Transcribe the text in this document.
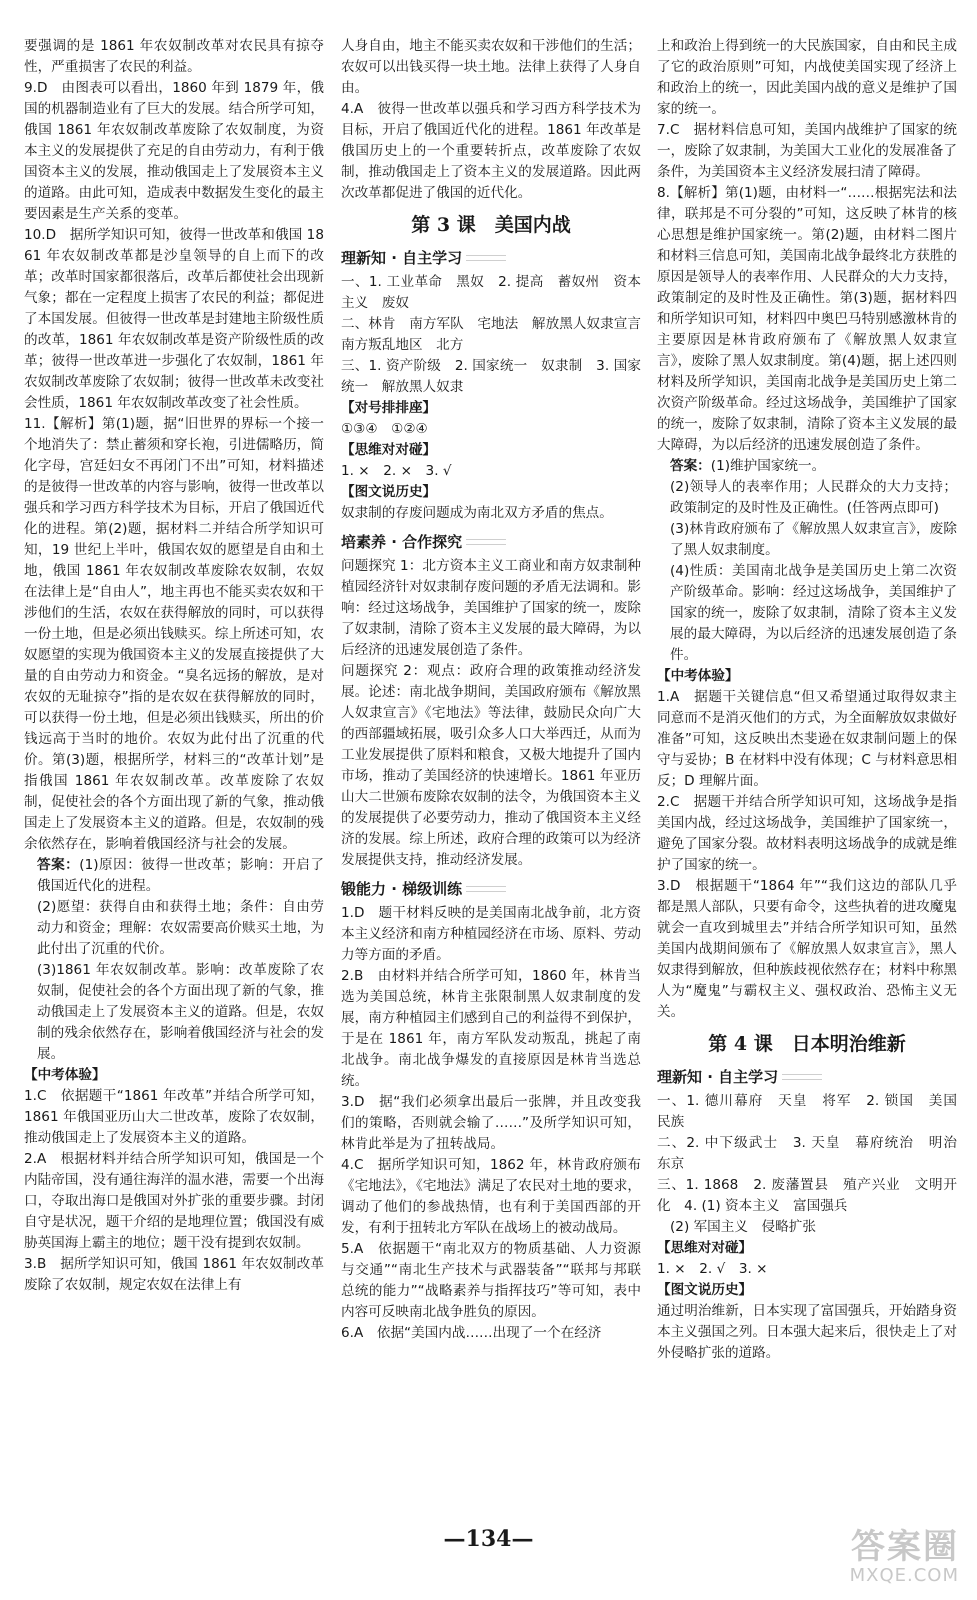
要强调的是 1861 年农奴制改革对农民具有掠夺性，严重损害了农民的利益。

9.D　由图表可以看出，1860 年到 1879 年，俄国的机器制造业有了巨大的发展。结合所学可知，俄国 1861 年农奴制改革废除了农奴制度，为资本主义的发展提供了充足的自由劳动力，有利于俄国资本主义的发展，推动俄国走上了发展资本主义的道路。由此可知，造成表中数据发生变化的最主要因素是生产关系的变革。

10.D　据所学知识可知，彼得一世改革和俄国 1861 年农奴制改革都是沙皇领导的自上而下的改革；改革时国家都很落后，改革后都使社会出现新气象；都在一定程度上损害了农民的利益；都促进了本国发展。但彼得一世改革是封建地主阶级性质的改革，1861 年农奴制改革是资产阶级性质的改革；彼得一世改革进一步强化了农奴制，1861 年农奴制改革废除了农奴制；彼得一世改革未改变社会性质，1861 年农奴制改革改变了社会性质。

11.【解析】第(1)题，据“旧世界的界标一个接一个地消失了：禁止蓄须和穿长袍，引进儒略历，简化字母，宫廷妇女不再闭门不出”可知，材料描述的是彼得一世改革的内容与影响，彼得一世改革以强兵和学习西方科学技术为目标，开启了俄国近代化的进程。第(2)题，据材料二并结合所学知识可知，19 世纪上半叶，俄国农奴的愿望是自由和土地，俄国 1861 年农奴制改革废除农奴制，农奴在法律上是“自由人”，地主再也不能买卖农奴和干涉他们的生活，农奴在获得解放的同时，可以获得一份土地，但是必须出钱赎买。综上所述可知，农奴愿望的实现为俄国资本主义的发展直接提供了大量的自由劳动力和资金。“臭名远扬的解放，是对农奴的无耻掠夺”指的是农奴在获得解放的同时，可以获得一份土地，但是必须出钱赎买，所出的价钱远高于当时的地价。农奴为此付出了沉重的代价。第(3)题，根据所学，材料三的“改革计划”是指俄国 1861 年农奴制改革。改革废除了农奴制，促使社会的各个方面出现了新的气象，推动俄国走上了发展资本主义的道路。但是，农奴制的残余依然存在，影响着俄国经济与社会的发展。

答案：(1)原因：彼得一世改革；影响：开启了俄国近代化的进程。

(2)愿望：获得自由和获得土地；条件：自由劳动力和资金；理解：农奴需要高价赎买土地，为此付出了沉重的代价。

(3)1861 年农奴制改革。影响：改革废除了农奴制，促使社会的各个方面出现了新的气象，推动俄国走上了发展资本主义的道路。但是，农奴制的残余依然存在，影响着俄国经济与社会的发展。

【中考体验】

1.C　依据题干“1861 年改革”并结合所学可知，1861 年俄国亚历山大二世改革，废除了农奴制，推动俄国走上了发展资本主义的道路。

2.A　根据材料并结合所学知识可知，俄国是一个内陆帝国，没有通往海洋的温水港，需要一个出海口，夺取出海口是俄国对外扩张的重要步骤。封闭自守是状况，题干介绍的是地理位置；俄国没有威胁英国海上霸主的地位；题干没有提到农奴制。

3.B　据所学知识可知，俄国 1861 年农奴制改革废除了农奴制，规定农奴在法律上有

人身自由，地主不能买卖农奴和干涉他们的生活；农奴可以出钱买得一块土地。法律上获得了人身自由。

4.A　彼得一世改革以强兵和学习西方科学技术为目标，开启了俄国近代化的进程。1861 年改革是俄国历史上的一个重要转折点，改革废除了农奴制，推动俄国走上了资本主义的发展道路。因此两次改革都促进了俄国的近代化。

第 3 课　美国内战
理新知 · 自主学习

一、1. 工业革命　黑奴　2. 提高　蓄奴州　资本主义　废奴

二、林肯　南方军队　宅地法　解放黑人奴隶宣言　南方叛乱地区　北方

三、1. 资产阶级　2. 国家统一　奴隶制　3. 国家统一　解放黑人奴隶

【对号排排座】

①③④　①②④

【思维对对碰】

1. ×　2. ×　3. √

【图文说历史】

奴隶制的存废问题成为南北双方矛盾的焦点。

培素养 · 合作探究

问题探究 1：北方资本主义工商业和南方奴隶制种植园经济针对奴隶制存废问题的矛盾无法调和。影响：经过这场战争，美国维护了国家的统一，废除了奴隶制，清除了资本主义发展的最大障碍，为以后经济的迅速发展创造了条件。

问题探究 2：观点：政府合理的政策推动经济发展。论述：南北战争期间，美国政府颁布《解放黑人奴隶宣言》《宅地法》等法律，鼓励民众向广大的西部疆域拓展，吸引众多人口大举西迁，从而为工业发展提供了原料和粮食，又极大地提升了国内市场，推动了美国经济的快速增长。1861 年亚历山大二世颁布废除农奴制的法令，为俄国资本主义的发展提供了必要劳动力，推动了俄国资本主义经济的发展。综上所述，政府合理的政策可以为经济发展提供支持，推动经济发展。

锻能力 · 梯级训练

1.D　题干材料反映的是美国南北战争前，北方资本主义经济和南方种植园经济在市场、原料、劳动力等方面的矛盾。

2.B　由材料并结合所学可知，1860 年，林肯当选为美国总统，林肯主张限制黑人奴隶制度的发展，南方种植园主们感到自己的利益得不到保护，于是在 1861 年，南方军队发动叛乱，挑起了南北战争。南北战争爆发的直接原因是林肯当选总统。

3.D　据“我们必须拿出最后一张牌，并且改变我们的策略，否则就会输了……”及所学知识可知，林肯此举是为了扭转战局。

4.C　据所学知识可知，1862 年，林肯政府颁布《宅地法》，《宅地法》满足了农民对土地的要求，调动了他们的参战热情，也有利于美国西部的开发，有利于扭转北方军队在战场上的被动战局。

5.A　依据题干“南北双方的物质基础、人力资源与交通”“南北生产技术与武器装备”“联邦与邦联总统的能力”“战略素养与指挥技巧”等可知，表中内容可反映南北战争胜负的原因。

6.A　依据“美国内战……出现了一个在经济

上和政治上得到统一的大民族国家，自由和民主成了它的政治原则”可知，内战使美国实现了经济上和政治上的统一，因此美国内战的意义是维护了国家的统一。

7.C　据材料信息可知，美国内战维护了国家的统一，废除了奴隶制，为美国大工业化的发展准备了条件，为美国资本主义经济发展扫清了障碍。

8.【解析】第(1)题，由材料一“……根据宪法和法律，联邦是不可分裂的”可知，这反映了林肯的核心思想是维护国家统一。第(2)题，由材料二图片和材料三信息可知，美国南北战争最终北方获胜的原因是领导人的表率作用、人民群众的大力支持，政策制定的及时性及正确性。第(3)题，据材料四和所学知识可知，材料四中奥巴马特别感激林肯的主要原因是林肯政府颁布了《解放黑人奴隶宣言》，废除了黑人奴隶制度。第(4)题，据上述四则材料及所学知识，美国南北战争是美国历史上第二次资产阶级革命。经过这场战争，美国维护了国家的统一，废除了奴隶制，清除了资本主义发展的最大障碍，为以后经济的迅速发展创造了条件。

答案：(1)维护国家统一。

(2)领导人的表率作用；人民群众的大力支持；政策制定的及时性及正确性。(任答两点即可)

(3)林肯政府颁布了《解放黑人奴隶宣言》，废除了黑人奴隶制度。

(4)性质：美国南北战争是美国历史上第二次资产阶级革命。影响：经过这场战争，美国维护了国家的统一，废除了奴隶制，清除了资本主义发展的最大障碍，为以后经济的迅速发展创造了条件。

【中考体验】

1.A　据题干关键信息“但又希望通过取得奴隶主同意而不是消灭他们的方式，为全面解放奴隶做好准备”可知，这反映出杰斐逊在奴隶制问题上的保守与妥协；B 在材料中没有体现；C 与材料意思相反；D 理解片面。

2.C　据题干并结合所学知识可知，这场战争是指美国内战，经过这场战争，美国维护了国家统一，避免了国家分裂。故材料表明这场战争的成就是维护了国家的统一。

3.D　根据题干“1864 年”“我们这边的部队几乎都是黑人部队，只要有命令，这些执着的进攻魔鬼就会一直攻到城里去”并结合所学知识可知，虽然美国内战期间颁布了《解放黑人奴隶宣言》，黑人奴隶得到解放，但种族歧视依然存在；材料中称黑人为“魔鬼”与霸权主义、强权政治、恐怖主义无关。

第 4 课　日本明治维新
理新知 · 自主学习

一、1. 德川幕府　天皇　将军　2. 锁国　美国　民族

二、2. 中下级武士　3. 天皇　幕府统治　明治　东京

三、1. 1868　2. 废藩置县　殖产兴业　文明开化　4. (1) 资本主义　富国强兵

(2) 军国主义　侵略扩张

【思维对对碰】

1. ×　2. √　3. ×

【图文说历史】

通过明治维新，日本实现了富国强兵，开始踏身资本主义强国之列。日本强大起来后，很快走上了对外侵略扩张的道路。

—134—	答案圈
MXQE.COM
